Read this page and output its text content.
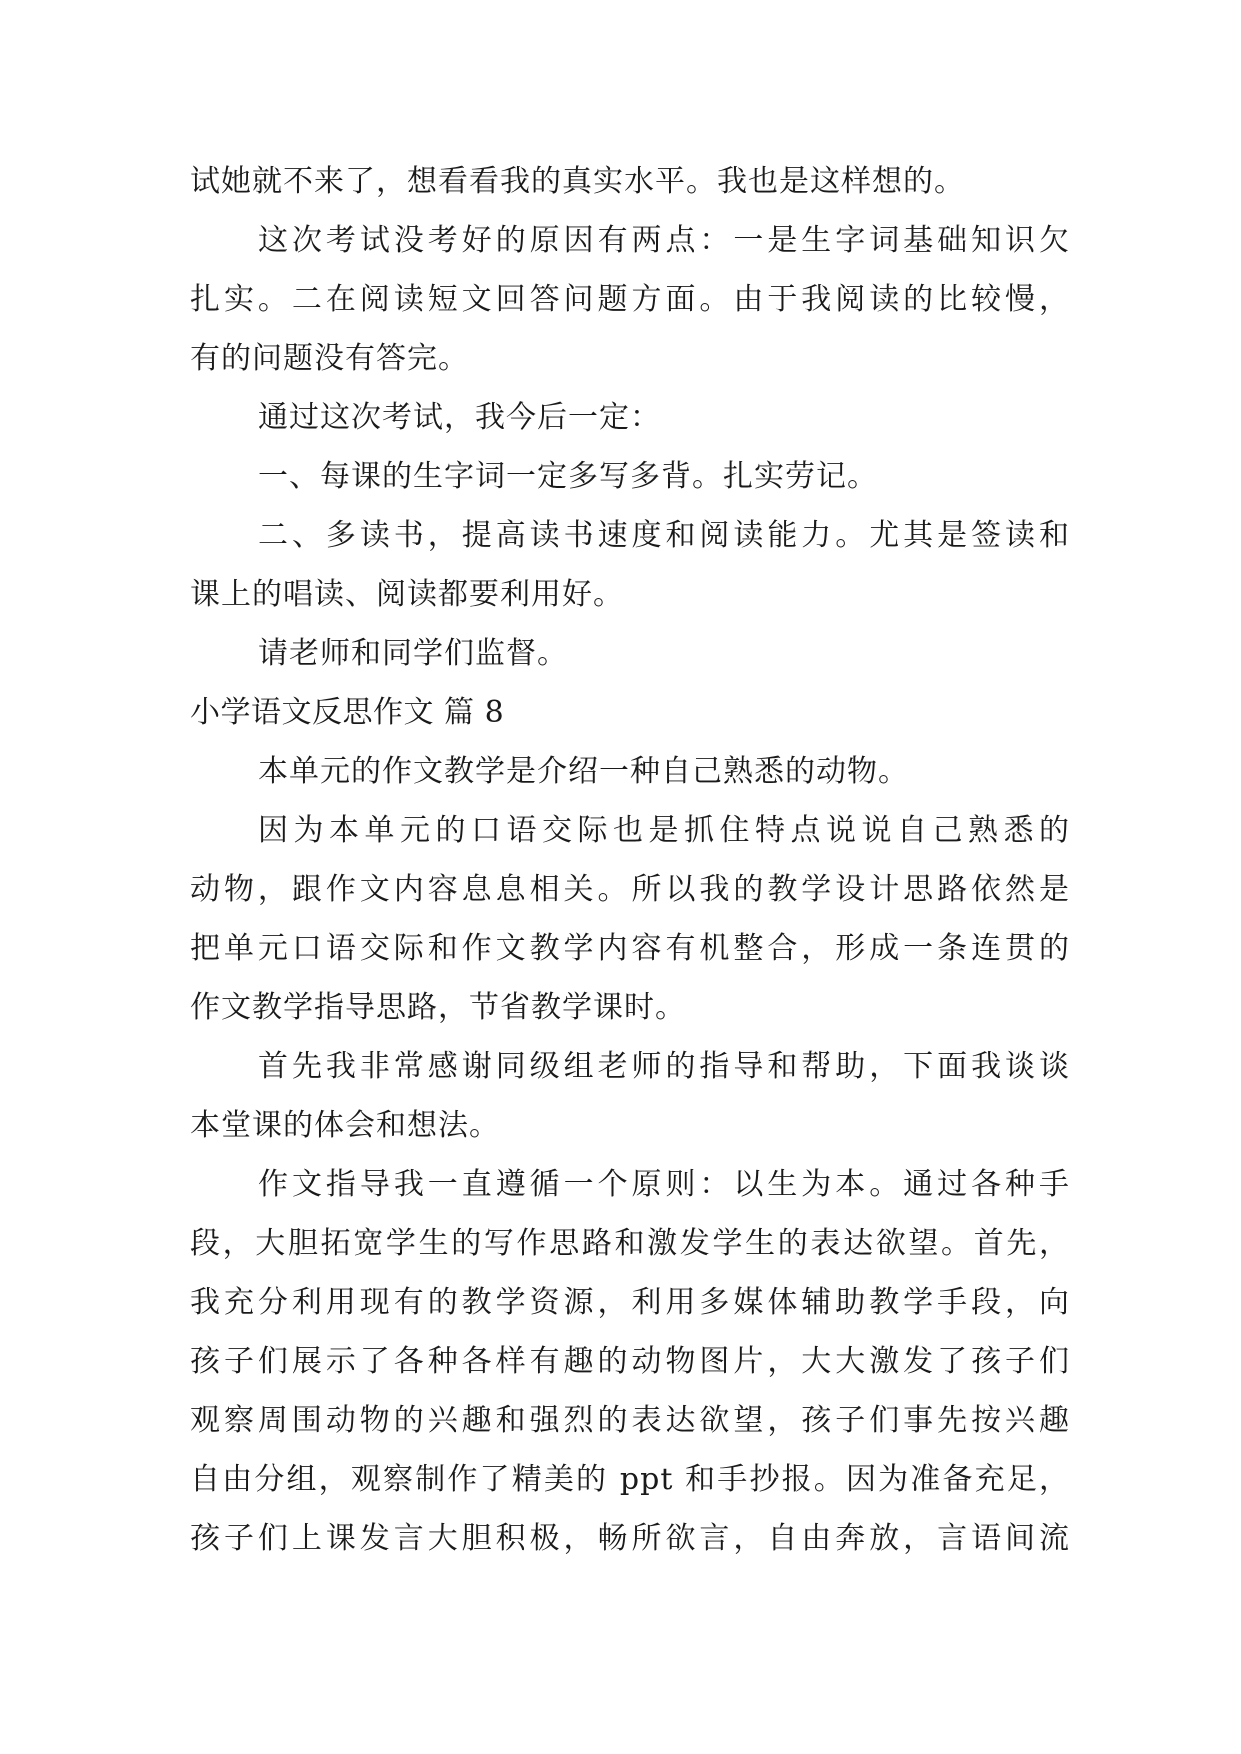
试她就不来了，想看看我的真实水平。我也是这样想的。
这次考试没考好的原因有两点：一是生字词基础知识欠
扎实。二在阅读短文回答问题方面。由于我阅读的比较慢，
有的问题没有答完。
通过这次考试，我今后一定：
一、每课的生字词一定多写多背。扎实劳记。
二、多读书，提高读书速度和阅读能力。尤其是签读和
课上的唱读、阅读都要利用好。
请老师和同学们监督。
小学语文反思作文 篇 8
本单元的作文教学是介绍一种自己熟悉的动物。
因为本单元的口语交际也是抓住特点说说自己熟悉的
动物，跟作文内容息息相关。所以我的教学设计思路依然是
把单元口语交际和作文教学内容有机整合，形成一条连贯的
作文教学指导思路，节省教学课时。
首先我非常感谢同级组老师的指导和帮助，下面我谈谈
本堂课的体会和想法。
作文指导我一直遵循一个原则：以生为本。通过各种手
段，大胆拓宽学生的写作思路和激发学生的表达欲望。首先，
我充分利用现有的教学资源，利用多媒体辅助教学手段，向
孩子们展示了各种各样有趣的动物图片，大大激发了孩子们
观察周围动物的兴趣和强烈的表达欲望，孩子们事先按兴趣
自由分组，观察制作了精美的 ppt 和手抄报。因为准备充足，
孩子们上课发言大胆积极，畅所欲言，自由奔放，言语间流
